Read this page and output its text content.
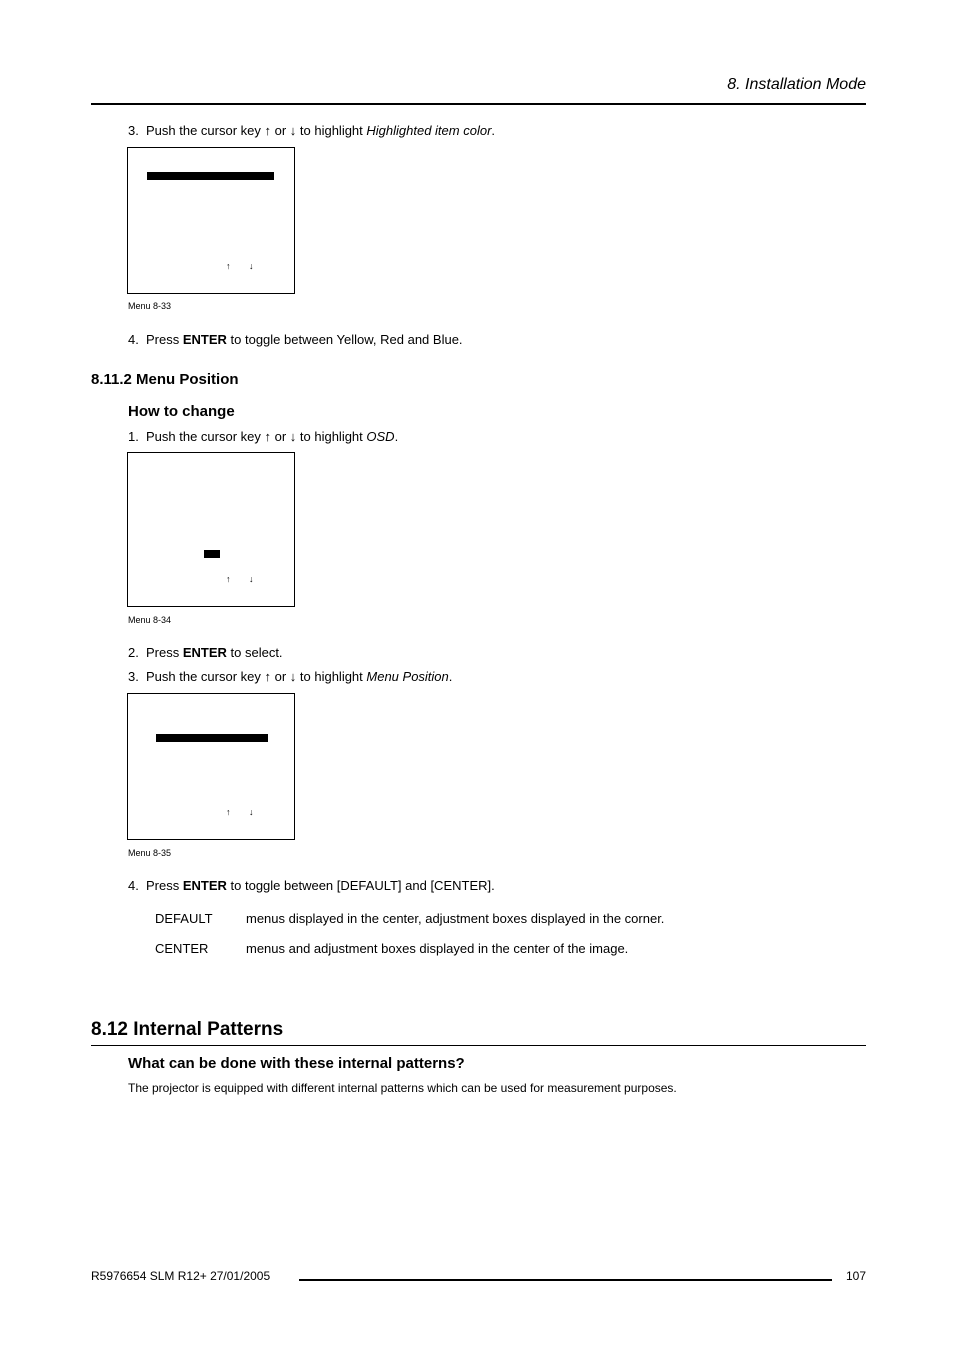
8. Installation Mode
3. Push the cursor key ↑ or ↓ to highlight Highlighted item color.
↑ ↓
Menu 8-33
4. Press ENTER to toggle between Yellow, Red and Blue.
8.11.2 Menu Position
How to change
1. Push the cursor key ↑ or ↓ to highlight OSD.
↑ ↓
Menu 8-34
2. Press ENTER to select.
3. Push the cursor key ↑ or ↓ to highlight Menu Position.
↑ ↓
Menu 8-35
4. Press ENTER to toggle between [DEFAULT] and [CENTER].
DEFAULT	menus displayed in the center, adjustment boxes displayed in the corner.
CENTER	menus and adjustment boxes displayed in the center of the image.
8.12 Internal Patterns
What can be done with these internal patterns?
The projector is equipped with different internal patterns which can be used for measurement purposes.
R5976654 SLM R12+ 27/01/2005	107
